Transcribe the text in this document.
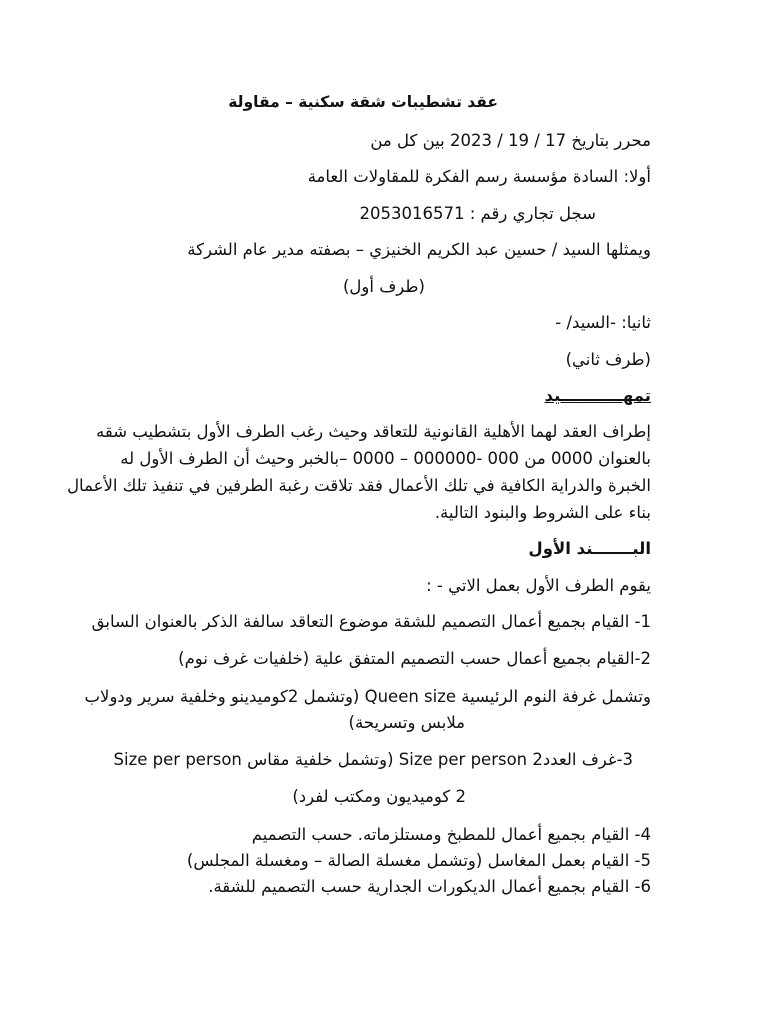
عقد تشطيبات شقة سكنية – مقاولة
محرر بتاريخ 17 / 19 / 2023 بين كل من
أولا: السادة مؤسسة رسم الفكرة للمقاولات العامة
سجل تجاري رقم : 2053016571
ويمثلها السيد / حسين عبد الكريم الخنيزي – بصفته مدير عام الشركة
(طرف أول)
ثانيا: -السيد/ -
(طرف ثاني)
تمهـــــــــــيد
إطراف العقد لهما الأهلية القانونية للتعاقد وحيث رغب الطرف الأول بتشطيب شقه
بالعنوان 0000 من 000 -000000 – 0000 –بالخبر وحيث أن الطرف الأول له
الخبرة والدراية الكافية في تلك الأعمال فقد تلاقت رغبة الطرفين في تنفيذ تلك الأعمال
بناء على الشروط والبنود التالية.
البـــــــند الأول
يقوم الطرف الأول بعمل الاتي - :
1- القيام بجميع أعمال التصميم للشقة موضوع التعاقد سالفة الذكر بالعنوان السابق
2-القيام بجميع أعمال حسب التصميم المتفق علية (خلفيات غرف نوم)
وتشمل غرفة النوم الرئيسية Queen size (وتشمل 2كوميدينو وخلفية سرير ودولاب
ملابس وتسريحة)
3-غرف العدد2 Size per person (وتشمل خلفية مقاس Size per person
2 كوميديون ومكتب لفرد)
4- القيام بجميع أعمال للمطبخ ومستلزماته. حسب التصميم
5- القيام بعمل المغاسل (وتشمل مغسلة الصالة – ومغسلة المجلس)
6- القيام بجميع أعمال الديكورات الجدارية حسب التصميم للشقة.
